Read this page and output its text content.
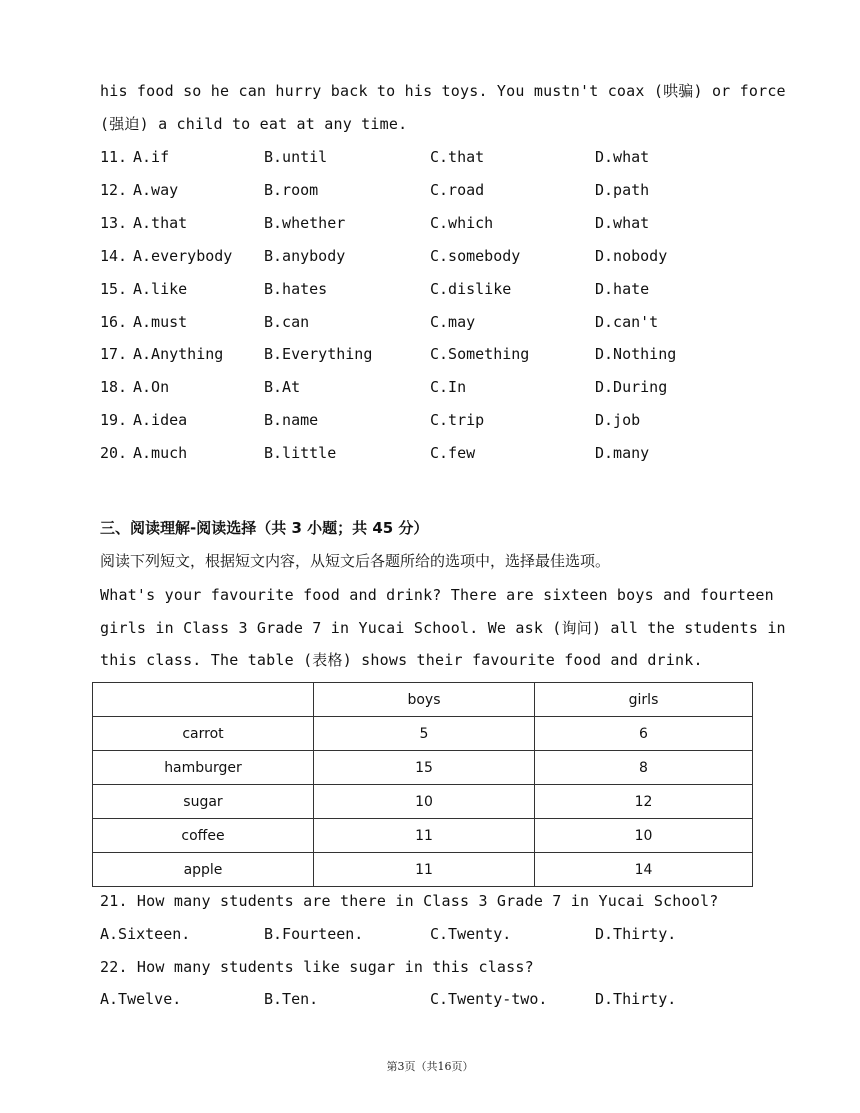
his food so he can hurry back to his toys. You mustn't coax (哄骗) or force
(强迫) a child to eat at any time.
11. A.if	B.until	C.that	D.what
12. A.way	B.room	C.road	D.path
13. A.that	B.whether	C.which	D.what
14. A.everybody B.anybody	C.somebody	D.nobody
15. A.like	B.hates	C.dislike	D.hate
16. A.must	B.can	C.may	D.can't
17. A.Anything	B.Everything	C.Something	D.Nothing
18. A.On	B.At	C.In	D.During
19. A.idea	B.name	C.trip	D.job
20. A.much	B.little	C.few	D.many
三、阅读理解-阅读选择（共 3 小题；共 45 分）
阅读下列短文，根据短文内容，从短文后各题所给的选项中，选择最佳选项。
What's your favourite food and drink? There are sixteen boys and fourteen
girls in Class 3 Grade 7 in Yucai School. We ask (询问) all the students in
this class. The table (表格) shows their favourite food and drink.
	boys	girls
carrot	5	6
hamburger	15	8
sugar	10	12
coffee	11	10
apple	11	14
21. How many students are there in Class 3 Grade 7 in Yucai School?
A.Sixteen.	B.Fourteen.	C.Twenty.	D.Thirty.
22. How many students like sugar in this class?
A.Twelve.	B.Ten.	C.Twenty-two.	D.Thirty.
第3页（共16页）
